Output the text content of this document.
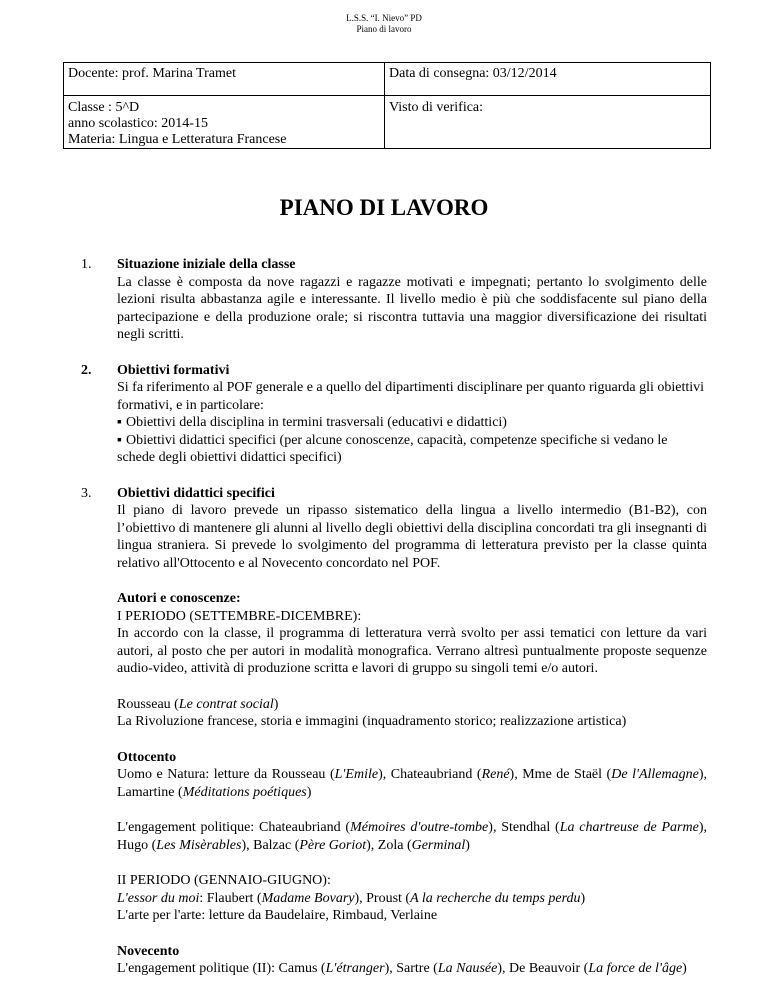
L.S.S. “I. Nievo” PD
Piano di lavoro
Docente: prof. Marina Tramet	Data di consegna: 03/12/2014

Classe : 5^D
anno scolastico: 2014-15
Materia: Lingua e Letteratura Francese	Visto di verifica:
PIANO DI LAVORO
1. Situazione iniziale della classe
La classe è composta da nove ragazzi e ragazze motivati e impegnati; pertanto lo svolgimento delle lezioni risulta abbastanza agile e interessante. Il livello medio è più che soddisfacente sul piano della partecipazione e della produzione orale; si riscontra tuttavia una maggior diversificazione dei risultati negli scritti.
2. Obiettivi formativi
Si fa riferimento al POF generale e a quello del dipartimenti disciplinare per quanto riguarda gli obiettivi formativi, e in particolare:
▪ Obiettivi della disciplina in termini trasversali (educativi e didattici)
▪ Obiettivi didattici specifici (per alcune conoscenze, capacità, competenze specifiche si vedano le schede degli obiettivi didattici specifici)
3. Obiettivi didattici specifici
Il piano di lavoro prevede un ripasso sistematico della lingua a livello intermedio (B1-B2), con l’obiettivo di mantenere gli alunni al livello degli obiettivi della disciplina concordati tra gli insegnanti di lingua straniera. Si prevede lo svolgimento del programma di letteratura previsto per la classe quinta relativo all'Ottocento e al Novecento concordato nel POF.
Autori e conoscenze:
I PERIODO (SETTEMBRE-DICEMBRE):
In accordo con la classe, il programma di letteratura verrà svolto per assi tematici con letture da vari autori, al posto che per autori in modalità monografica. Verrano altresì puntualmente proposte sequenze audio-video, attività di produzione scritta e lavori di gruppo su singoli temi e/o autori.
Rousseau (Le contrat social)
La Rivoluzione francese, storia e immagini (inquadramento storico; realizzazione artistica)
Ottocento
Uomo e Natura: letture da Rousseau (L'Emile), Chateaubriand (René), Mme de Staël (De l'Allemagne), Lamartine (Méditations poétiques)
L'engagement politique: Chateaubriand (Mémoires d'outre-tombe), Stendhal (La chartreuse de Parme), Hugo (Les Misèrables), Balzac (Père Goriot), Zola (Germinal)
II PERIODO (GENNAIO-GIUGNO):
L'essor du moi: Flaubert (Madame Bovary), Proust (A la recherche du temps perdu)
L'arte per l'arte: letture da Baudelaire, Rimbaud, Verlaine
Novecento
L'engagement politique (II): Camus (L'étranger), Sartre (La Nausée), De Beauvoir (La force de l'âge)
